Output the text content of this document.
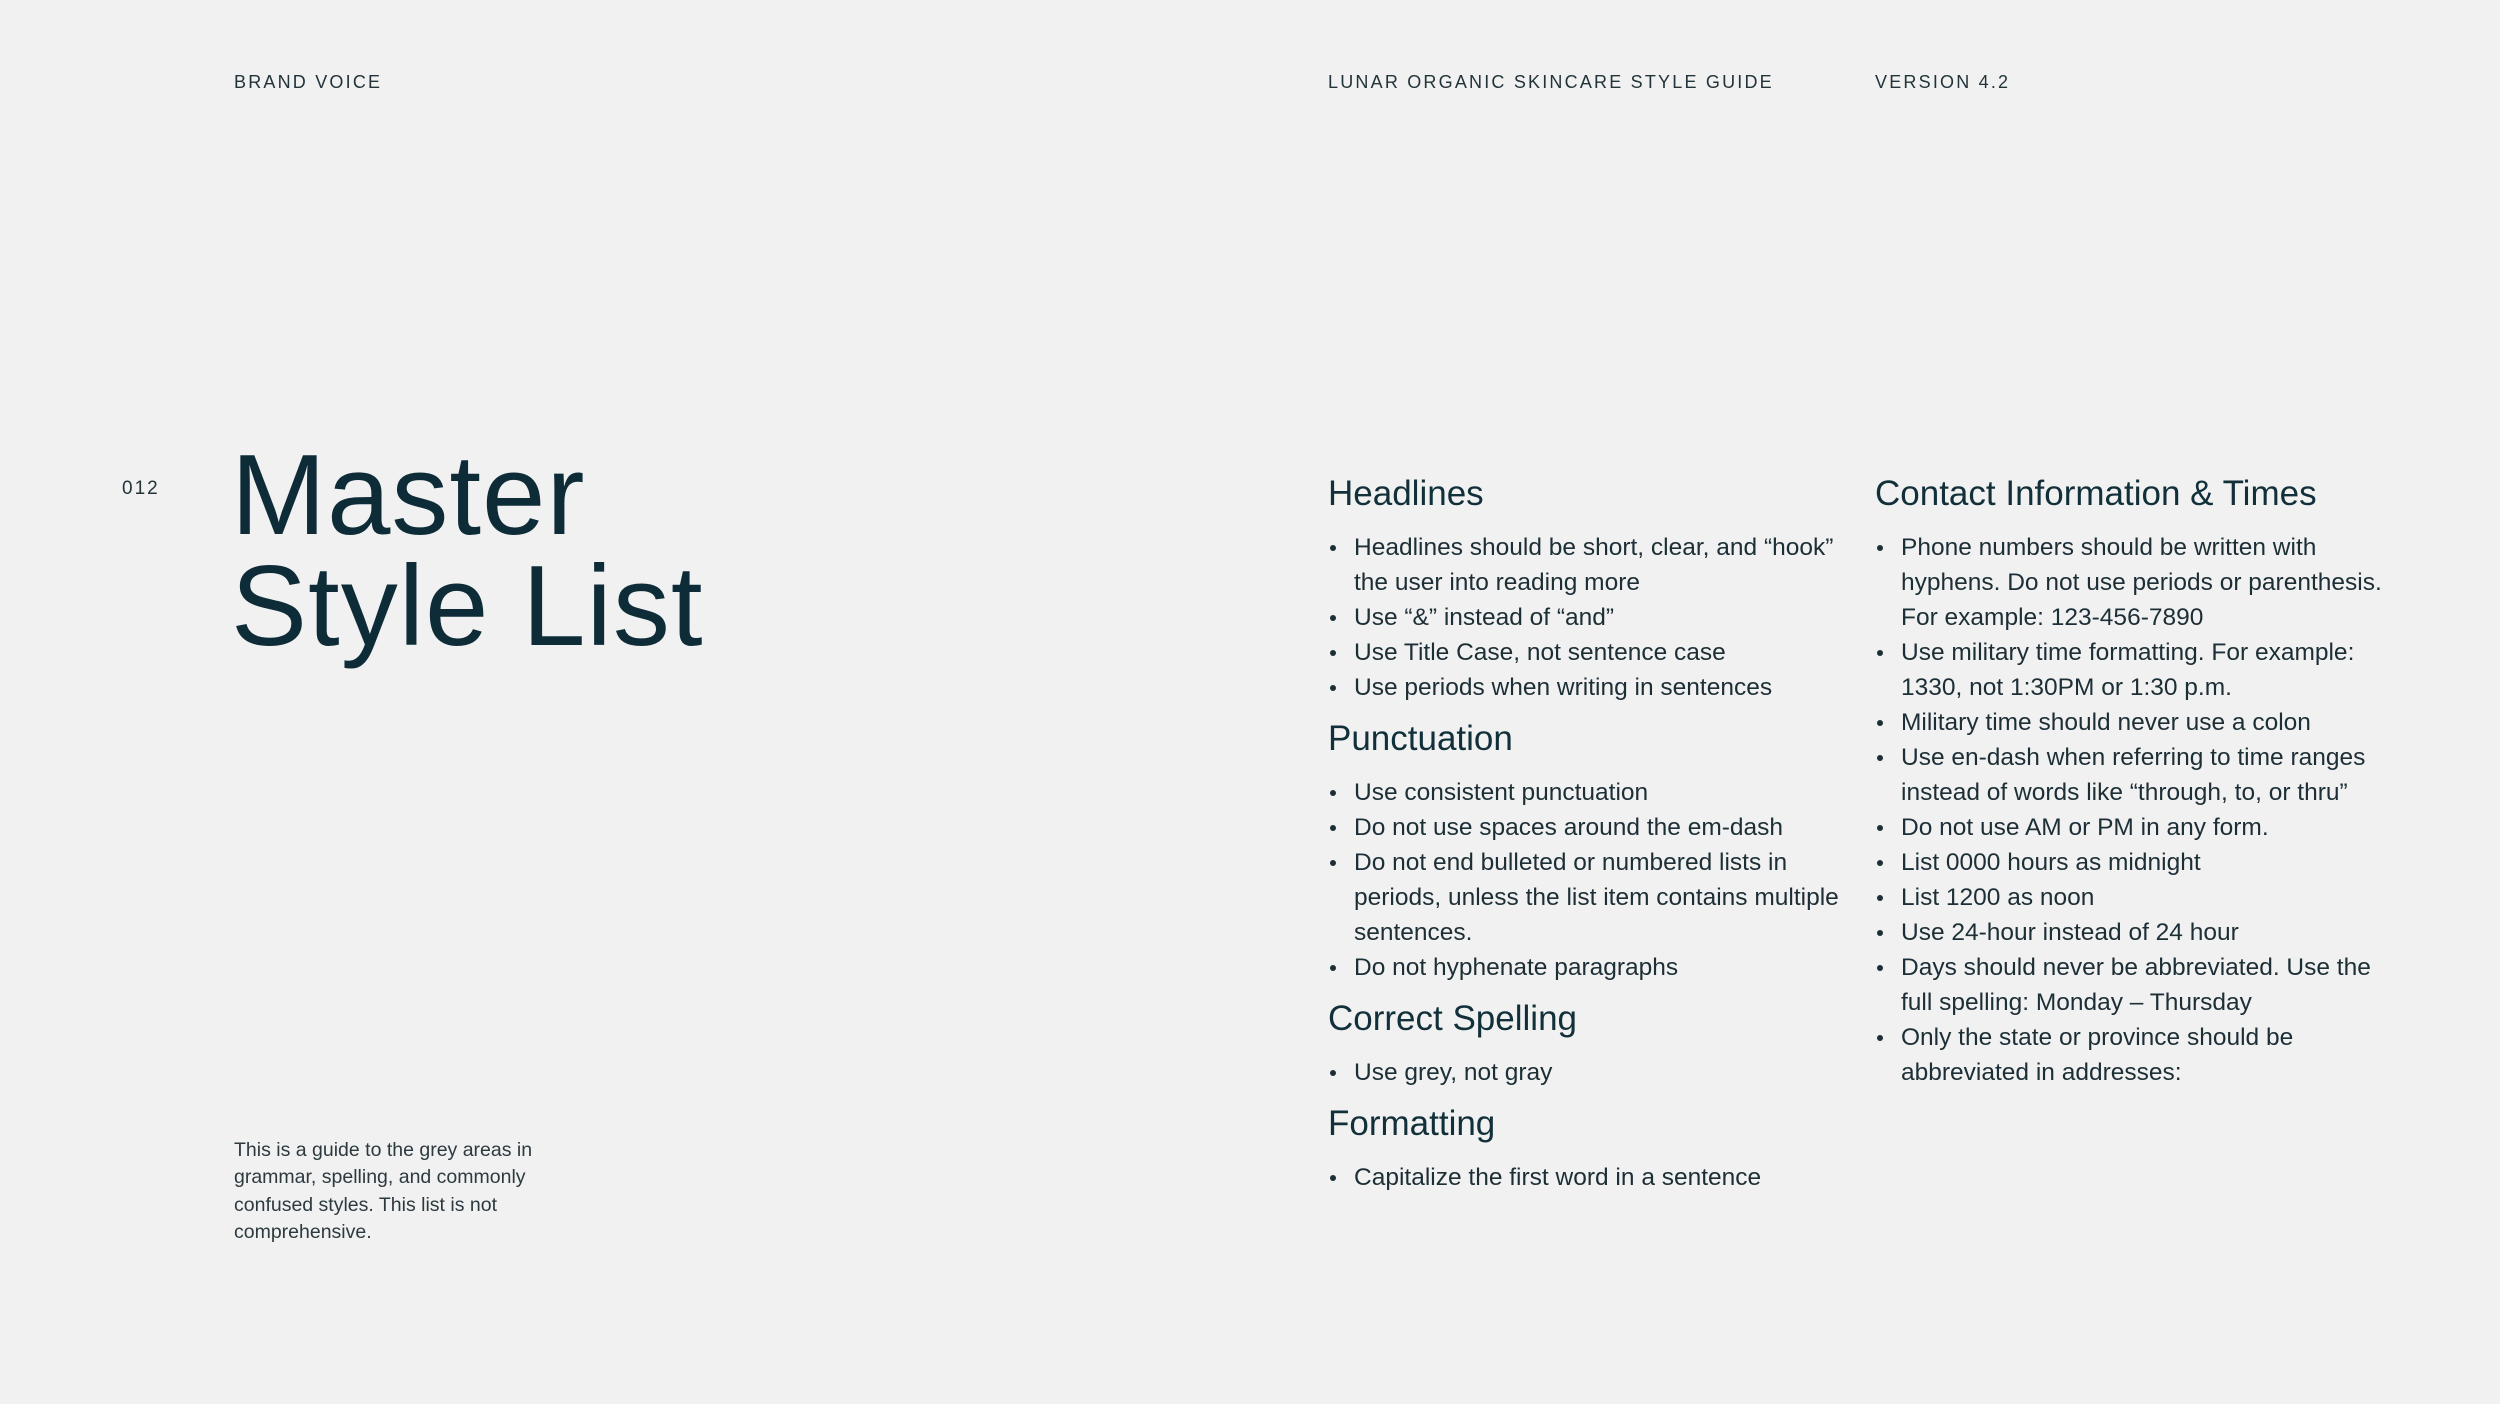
BRAND VOICE	LUNAR ORGANIC SKINCARE STYLE GUIDE	VERSION 4.2
012 Master
Style List

This is a guide to the grey areas in grammar, spelling, and commonly confused styles. This list is not comprehensive.

Headlines
Headlines should be short, clear, and “hook” the user into reading more
Use “&” instead of “and”
Use Title Case, not sentence case
Use periods when writing in sentences
Punctuation
Use consistent punctuation
Do not use spaces around the em-dash
Do not end bulleted or numbered lists in periods, unless the list item contains multiple sentences.
Do not hyphenate paragraphs
Correct Spelling
Use grey, not gray
Formatting
Capitalize the first word in a sentence
Contact Information & Times
Phone numbers should be written with hyphens. Do not use periods or parenthesis. For example: 123-456-7890
Use military time formatting. For example: 1330, not 1:30PM or 1:30 p.m.
Military time should never use a colon
Use en-dash when referring to time ranges instead of words like “through, to, or thru”
Do not use AM or PM in any form.
List 0000 hours as midnight
List 1200 as noon
Use 24-hour instead of 24 hour
Days should never be abbreviated. Use the full spelling: Monday – Thursday
Only the state or province should be abbreviated in addresses:
